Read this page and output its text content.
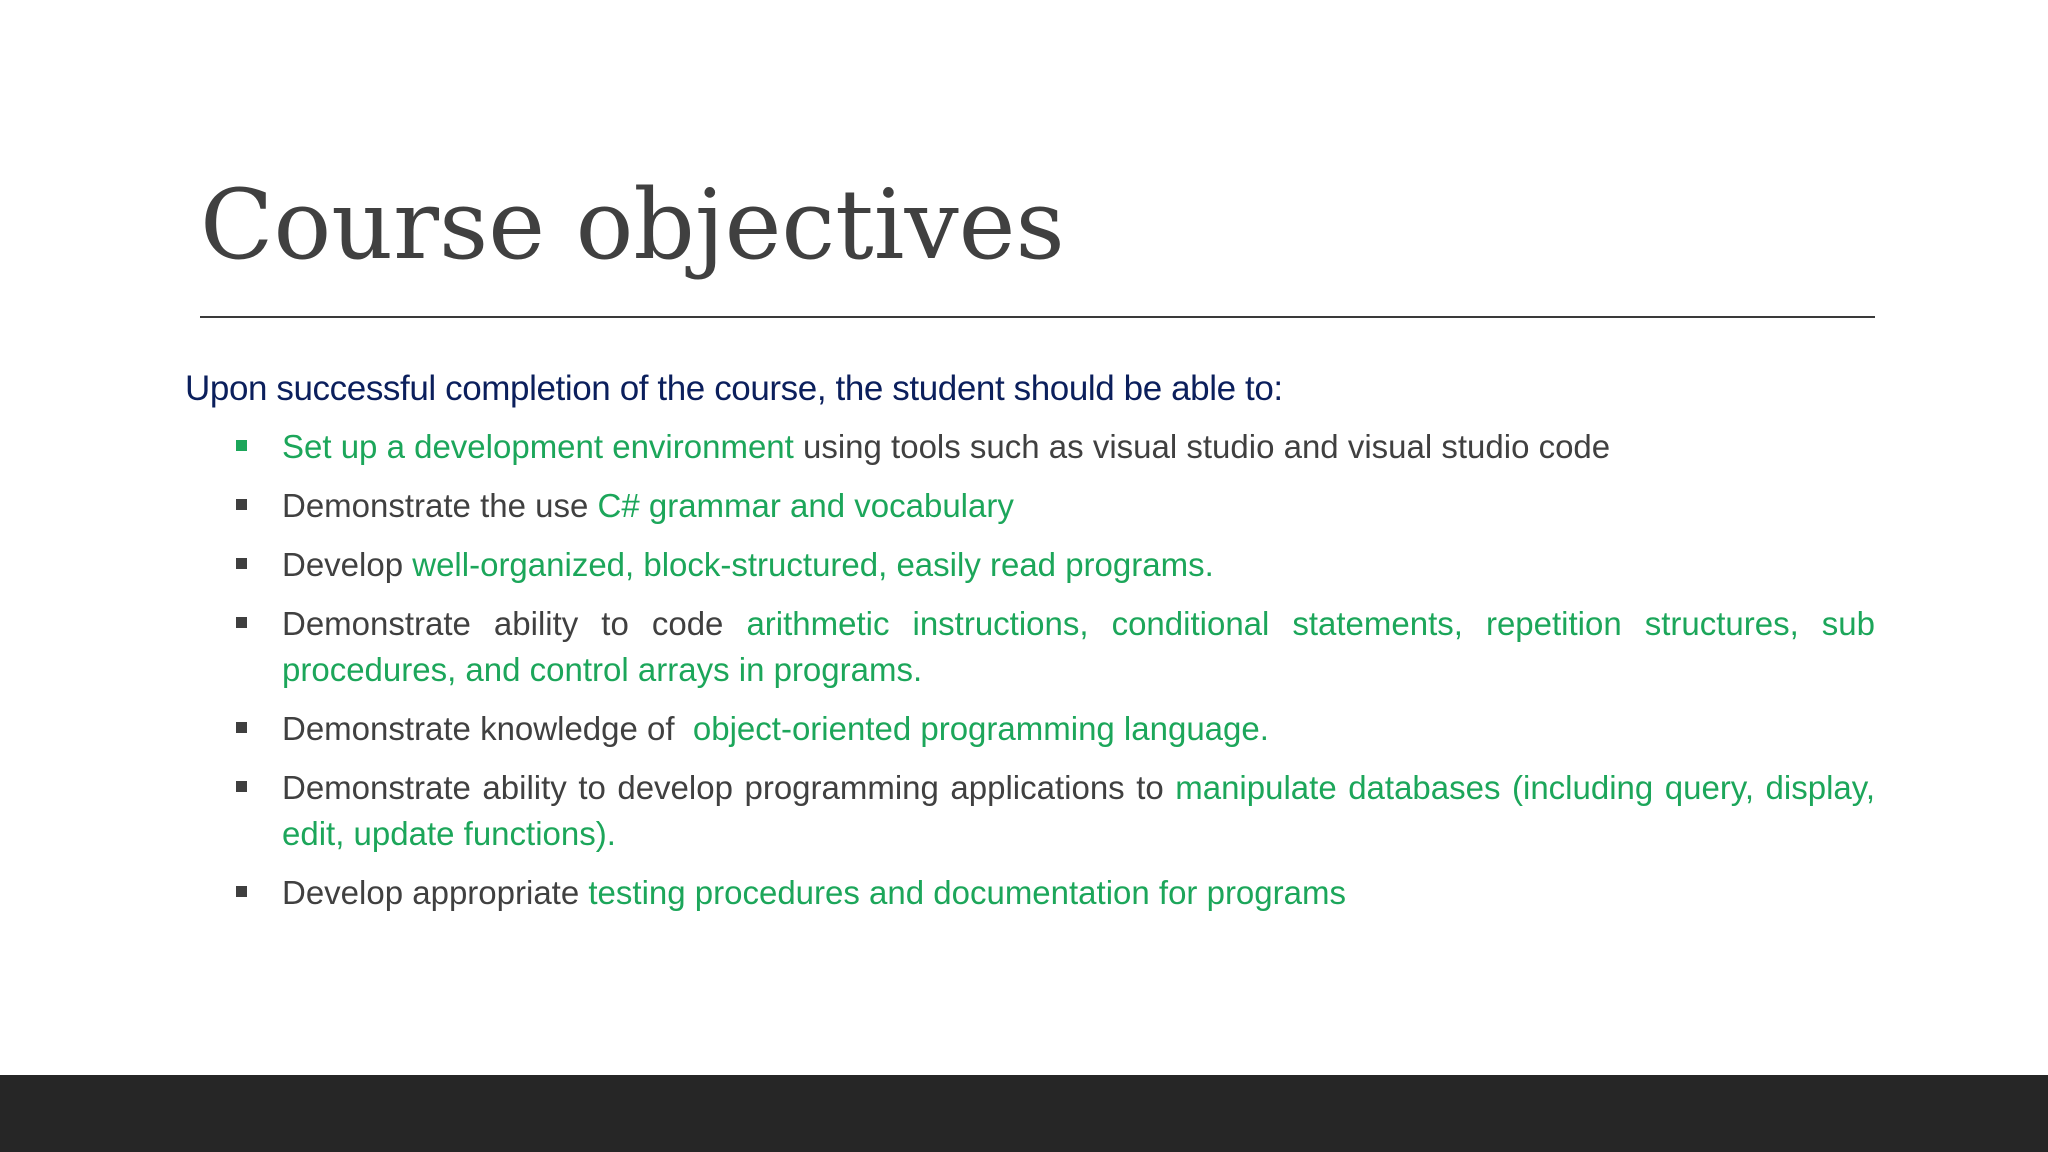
Course objectives
Upon successful completion of the course, the student should be able to:
Set up a development environment using tools such as visual studio and visual studio code
Demonstrate the use C# grammar and vocabulary
Develop well-organized, block-structured, easily read programs.
Demonstrate ability to code arithmetic instructions, conditional statements, repetition structures, sub procedures, and control arrays in programs.
Demonstrate knowledge of  object-oriented programming language.
Demonstrate ability to develop programming applications to manipulate databases (including query, display, edit, update functions).
Develop appropriate testing procedures and documentation for programs
